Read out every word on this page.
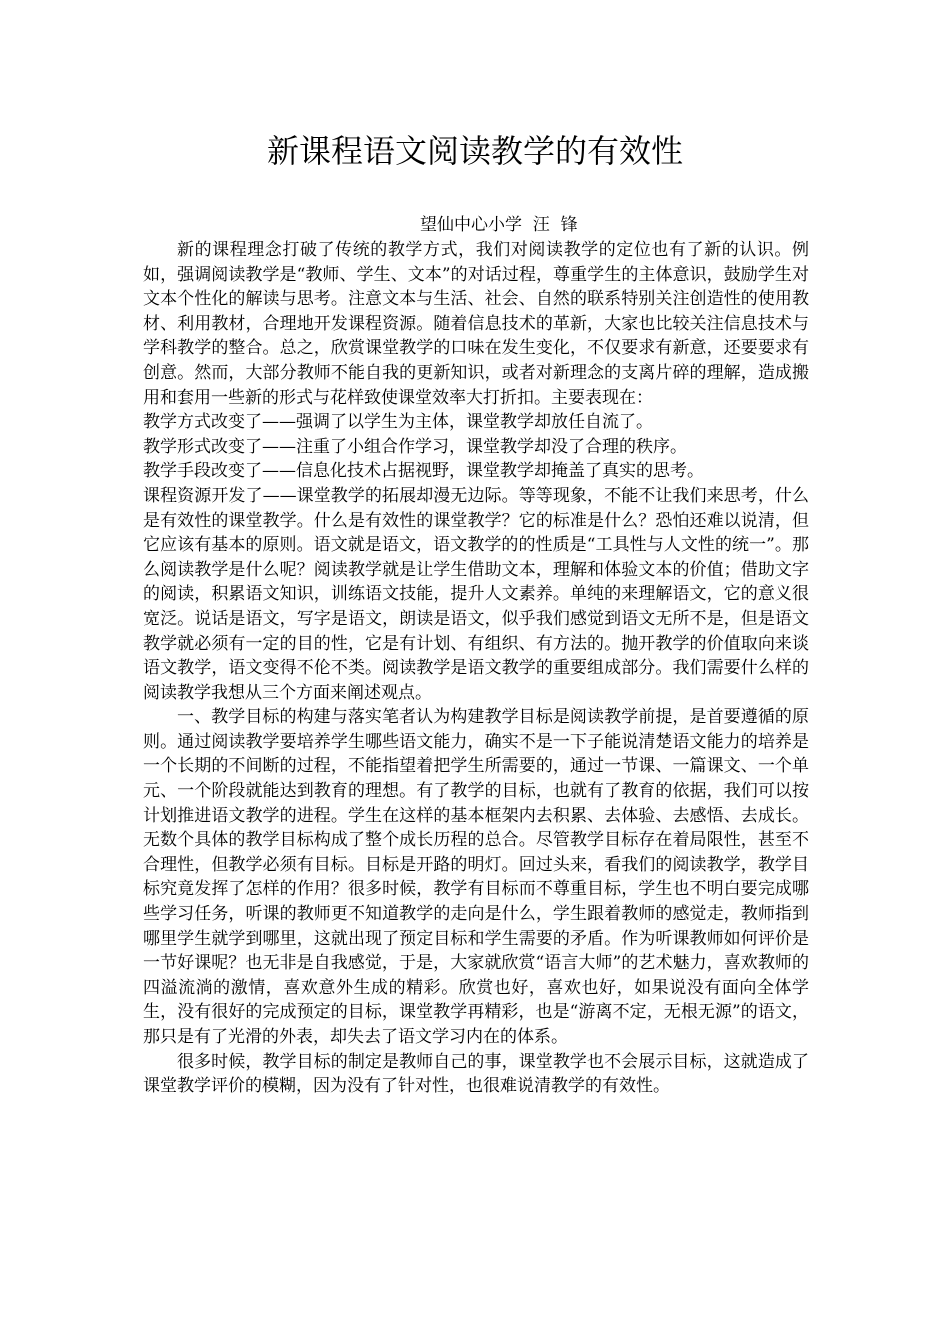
新课程语文阅读教学的有效性
望仙中心小学  汪  锋

新的课程理念打破了传统的教学方式，我们对阅读教学的定位也有了新的认识。例如，强调阅读教学是“教师、学生、文本”的对话过程，尊重学生的主体意识，鼓励学生对文本个性化的解读与思考。注意文本与生活、社会、自然的联系特别关注创造性的使用教材、利用教材，合理地开发课程资源。随着信息技术的革新，大家也比较关注信息技术与学科教学的整合。总之，欣赏课堂教学的口味在发生变化，不仅要求有新意，还要要求有创意。然而，大部分教师不能自我的更新知识，或者对新理念的支离片碎的理解，造成搬用和套用一些新的形式与花样致使课堂效率大打折扣。主要表现在：

教学方式改变了——强调了以学生为主体，课堂教学却放任自流了。

教学形式改变了——注重了小组合作学习，课堂教学却没了合理的秩序。

教学手段改变了——信息化技术占据视野，课堂教学却掩盖了真实的思考。

课程资源开发了——课堂教学的拓展却漫无边际。等等现象，不能不让我们来思考，什么是有效性的课堂教学。什么是有效性的课堂教学？它的标准是什么？恐怕还难以说清，但它应该有基本的原则。语文就是语文，语文教学的的性质是“工具性与人文性的统一”。那么阅读教学是什么呢？阅读教学就是让学生借助文本，理解和体验文本的价值；借助文字的阅读，积累语文知识，训练语文技能，提升人文素养。单纯的来理解语文，它的意义很宽泛。说话是语文，写字是语文，朗读是语文，似乎我们感觉到语文无所不是，但是语文教学就必须有一定的目的性，它是有计划、有组织、有方法的。抛开教学的价值取向来谈语文教学，语文变得不伦不类。阅读教学是语文教学的重要组成部分。我们需要什么样的阅读教学我想从三个方面来阐述观点。

一、教学目标的构建与落实笔者认为构建教学目标是阅读教学前提，是首要遵循的原则。通过阅读教学要培养学生哪些语文能力，确实不是一下子能说清楚语文能力的培养是一个长期的不间断的过程，不能指望着把学生所需要的，通过一节课、一篇课文、一个单元、一个阶段就能达到教育的理想。有了教学的目标，也就有了教育的依据，我们可以按计划推进语文教学的进程。学生在这样的基本框架内去积累、去体验、去感悟、去成长。无数个具体的教学目标构成了整个成长历程的总合。尽管教学目标存在着局限性，甚至不合理性，但教学必须有目标。目标是开路的明灯。回过头来，看我们的阅读教学，教学目标究竟发挥了怎样的作用？很多时候，教学有目标而不尊重目标，学生也不明白要完成哪些学习任务，听课的教师更不知道教学的走向是什么，学生跟着教师的感觉走，教师指到哪里学生就学到哪里，这就出现了预定目标和学生需要的矛盾。作为听课教师如何评价是一节好课呢？也无非是自我感觉，于是，大家就欣赏“语言大师”的艺术魅力，喜欢教师的四溢流淌的激情，喜欢意外生成的精彩。欣赏也好，喜欢也好，如果说没有面向全体学生，没有很好的完成预定的目标，课堂教学再精彩，也是“游离不定，无根无源”的语文，那只是有了光滑的外表，却失去了语文学习内在的体系。

很多时候，教学目标的制定是教师自己的事，课堂教学也不会展示目标，这就造成了课堂教学评价的模糊，因为没有了针对性，也很难说清教学的有效性。
